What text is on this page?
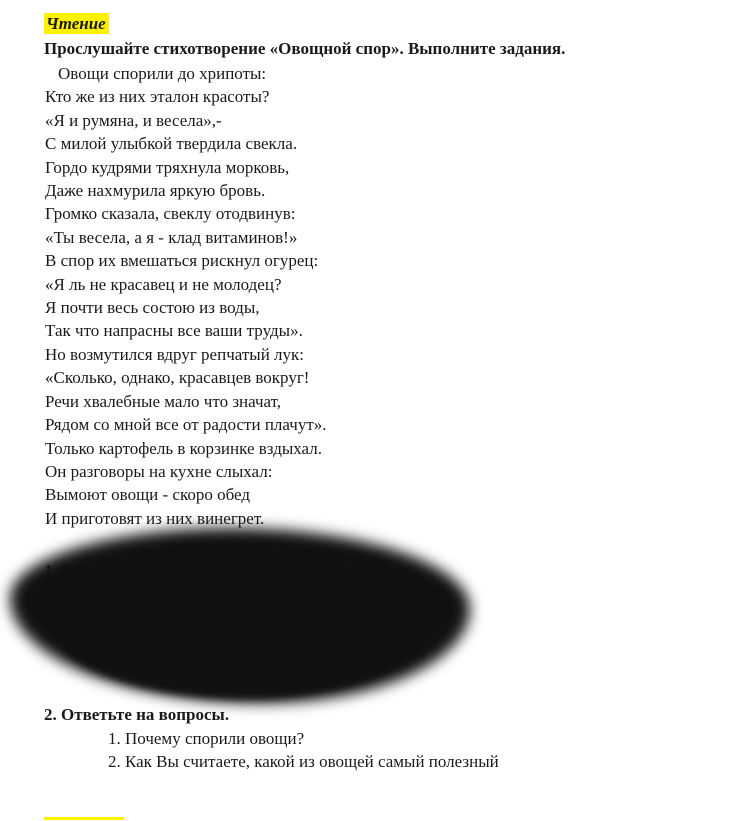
Чтение
Прослушайте стихотворение «Овощной спор». Выполните задания.
Овощи спорили до хрипоты:
Кто же из них эталон красоты?
«Я и румяна, и весела»,-
С милой улыбкой твердила свекла.
Гордо кудрями тряхнула морковь,
Даже нахмурила яркую бровь.
Громко сказала, свеклу отодвинув:
«Ты весела, а я - клад витаминов!»
В спор их вмешаться рискнул огурец:
«Я ль не красавец и не молодец?
Я почти весь состою из воды,
Так что напрасны все ваши труды».
Но возмутился вдруг репчатый лук:
«Сколько, однако, красавцев вокруг!
Речи хвалебные мало что значат,
Рядом со мной все от радости плачут».
Только картофель в корзинке вздыхал.
Он разговоры на кухне слыхал:
Вымоют овощи - скоро обед
И приготовят из них винегрет.
2. Ответьте на вопросы.
1. Почему спорили овощи?
2. Как Вы считаете, какой из овощей самый полезный
